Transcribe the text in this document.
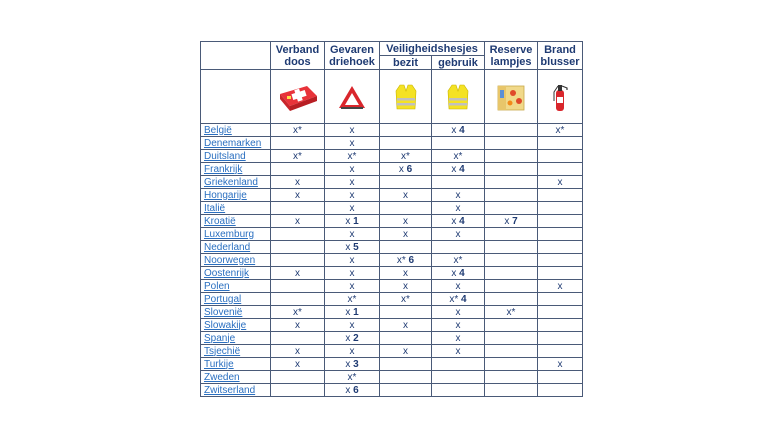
	Verband doos	Gevaren driehoek	Veiligheidshesjes		Reserve lampjes	Brand blusser
			bezit	gebruik		

België	x*	x		x 4		x*
Denemarken		x				
Duitsland	x*	x*	x*	x*		
Frankrijk		x	x 6	x 4		
Griekenland	x	x				x
Hongarije	x	x	x	x		
Italië		x		x		
Kroatië	x	x 1	x	x 4	x 7	
Luxemburg		x	x	x		
Nederland		x 5				
Noorwegen		x	x* 6	x*		
Oostenrijk	x	x	x	x 4		
Polen		x	x	x		x
Portugal		x*	x*	x* 4		
Slovenië	x*	x 1		x	x*	
Slowakije	x	x	x	x		
Spanje		x 2		x		
Tsjechië	x	x	x	x		
Turkije	x	x 3				x
Zweden		x*				
Zwitserland		x 6				
